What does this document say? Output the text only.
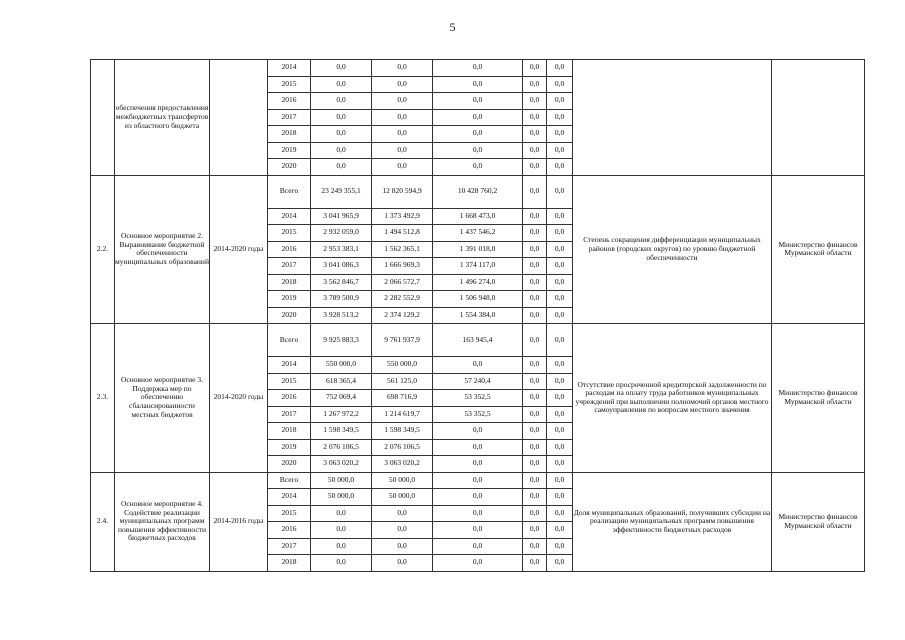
5
	обеспечения предоставления межбюджетных трансфертов из областного бюджета		2014	0,0	0,0	0,0	0,0	0,0		
			2015	0,0	0,0	0,0	0,0	0,0		
			2016	0,0	0,0	0,0	0,0	0,0		
			2017	0,0	0,0	0,0	0,0	0,0		
			2018	0,0	0,0	0,0	0,0	0,0		
			2019	0,0	0,0	0,0	0,0	0,0		
			2020	0,0	0,0	0,0	0,0	0,0		
2.2.	Основное мероприятие 2. Выравнивание бюджетной обеспеченности муниципальных образований	2014-2020 годы	Всего	23 249 355,1	12 820 594,9	10 428 760,2	0,0	0,0	Степень сокращения дифференциации муниципальных районов (городских округов) по уровню бюджетной обеспеченности	Министерство финансов Мурманской области
			2014	3 041 965,9	1 373 492,9	1 668 473,0	0,0	0,0		
			2015	2 932 059,0	1 494 512,8	1 437 546,2	0,0	0,0		
			2016	2 953 383,1	1 562 365,1	1 391 018,0	0,0	0,0		
			2017	3 041 086,3	1 666 969,3	1 374 117,0	0,0	0,0		
			2018	3 562 846,7	2 066 572,7	1 496 274,0	0,0	0,0		
			2019	3 789 500,9	2 282 552,9	1 506 948,0	0,0	0,0		
			2020	3 928 513,2	2 374 129,2	1 554 384,0	0,0	0,0		
2.3.	Основное мероприятие 3. Поддержка мер по обеспечению сбалансированности местных бюджетов	2014-2020 годы	Всего	9 925 883,3	9 761 937,9	163 945,4	0,0	0,0	Отсутствие просроченной кредиторской задолженности по расходам на оплату труда работников муниципальных учреждений при выполнении полномочий органов местного самоуправления по вопросам местного значения	Министерство финансов Мурманской области
			2014	550 000,0	550 000,0	0,0	0,0	0,0		
			2015	618 365,4	561 125,0	57 240,4	0,0	0,0		
			2016	752 069,4	698 716,9	53 352,5	0,0	0,0		
			2017	1 267 972,2	1 214 619,7	53 352,5	0,0	0,0		
			2018	1 598 349,5	1 598 349,5	0,0	0,0	0,0		
			2019	2 076 106,5	2 076 106,5	0,0	0,0	0,0		
			2020	3 063 020,2	3 063 020,2	0,0	0,0	0,0		
2.4.	Основное мероприятие 4. Содействие реализации муниципальных программ повышения эффективности бюджетных расходов	2014-2016 годы	Всего	50 000,0	50 000,0	0,0	0,0	0,0	Доля муниципальных образований, получивших субсидии на реализацию муниципальных программ повышения эффективности бюджетных расходов	Министерство финансов Мурманской области
			2014	50 000,0	50 000,0	0,0	0,0	0,0		
			2015	0,0	0,0	0,0	0,0	0,0		
			2016	0,0	0,0	0,0	0,0	0,0		
			2017	0,0	0,0	0,0	0,0	0,0		
			2018	0,0	0,0	0,0	0,0	0,0		
